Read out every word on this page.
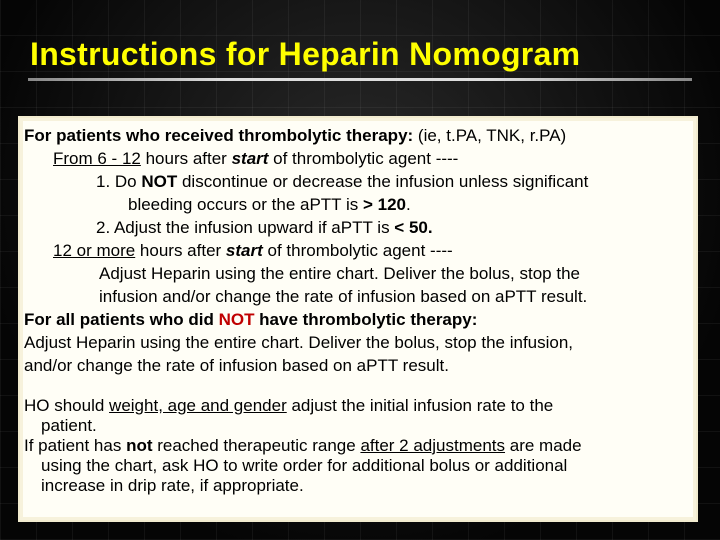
Instructions for Heparin Nomogram

For patients who received thrombolytic therapy: (ie, t.PA, TNK, r.PA)

From 6 - 12 hours after start of thrombolytic agent ----

1. Do NOT discontinue or decrease the infusion unless significant

bleeding occurs or the aPTT is > 120.

2. Adjust the infusion upward if aPTT is < 50.

12 or more hours after start of thrombolytic agent ----

Adjust Heparin using the entire chart. Deliver the bolus, stop the

infusion and/or change the rate of infusion based on aPTT result.

For all patients who did NOT have thrombolytic therapy:

Adjust Heparin using the entire chart. Deliver the bolus, stop the infusion,

and/or change the rate of infusion based on aPTT result.

HO should weight, age and gender adjust the initial infusion rate to the

patient.

If patient has not reached therapeutic range after 2 adjustments are made

using the chart, ask HO to write order for additional bolus or additional

increase in drip rate, if appropriate.
